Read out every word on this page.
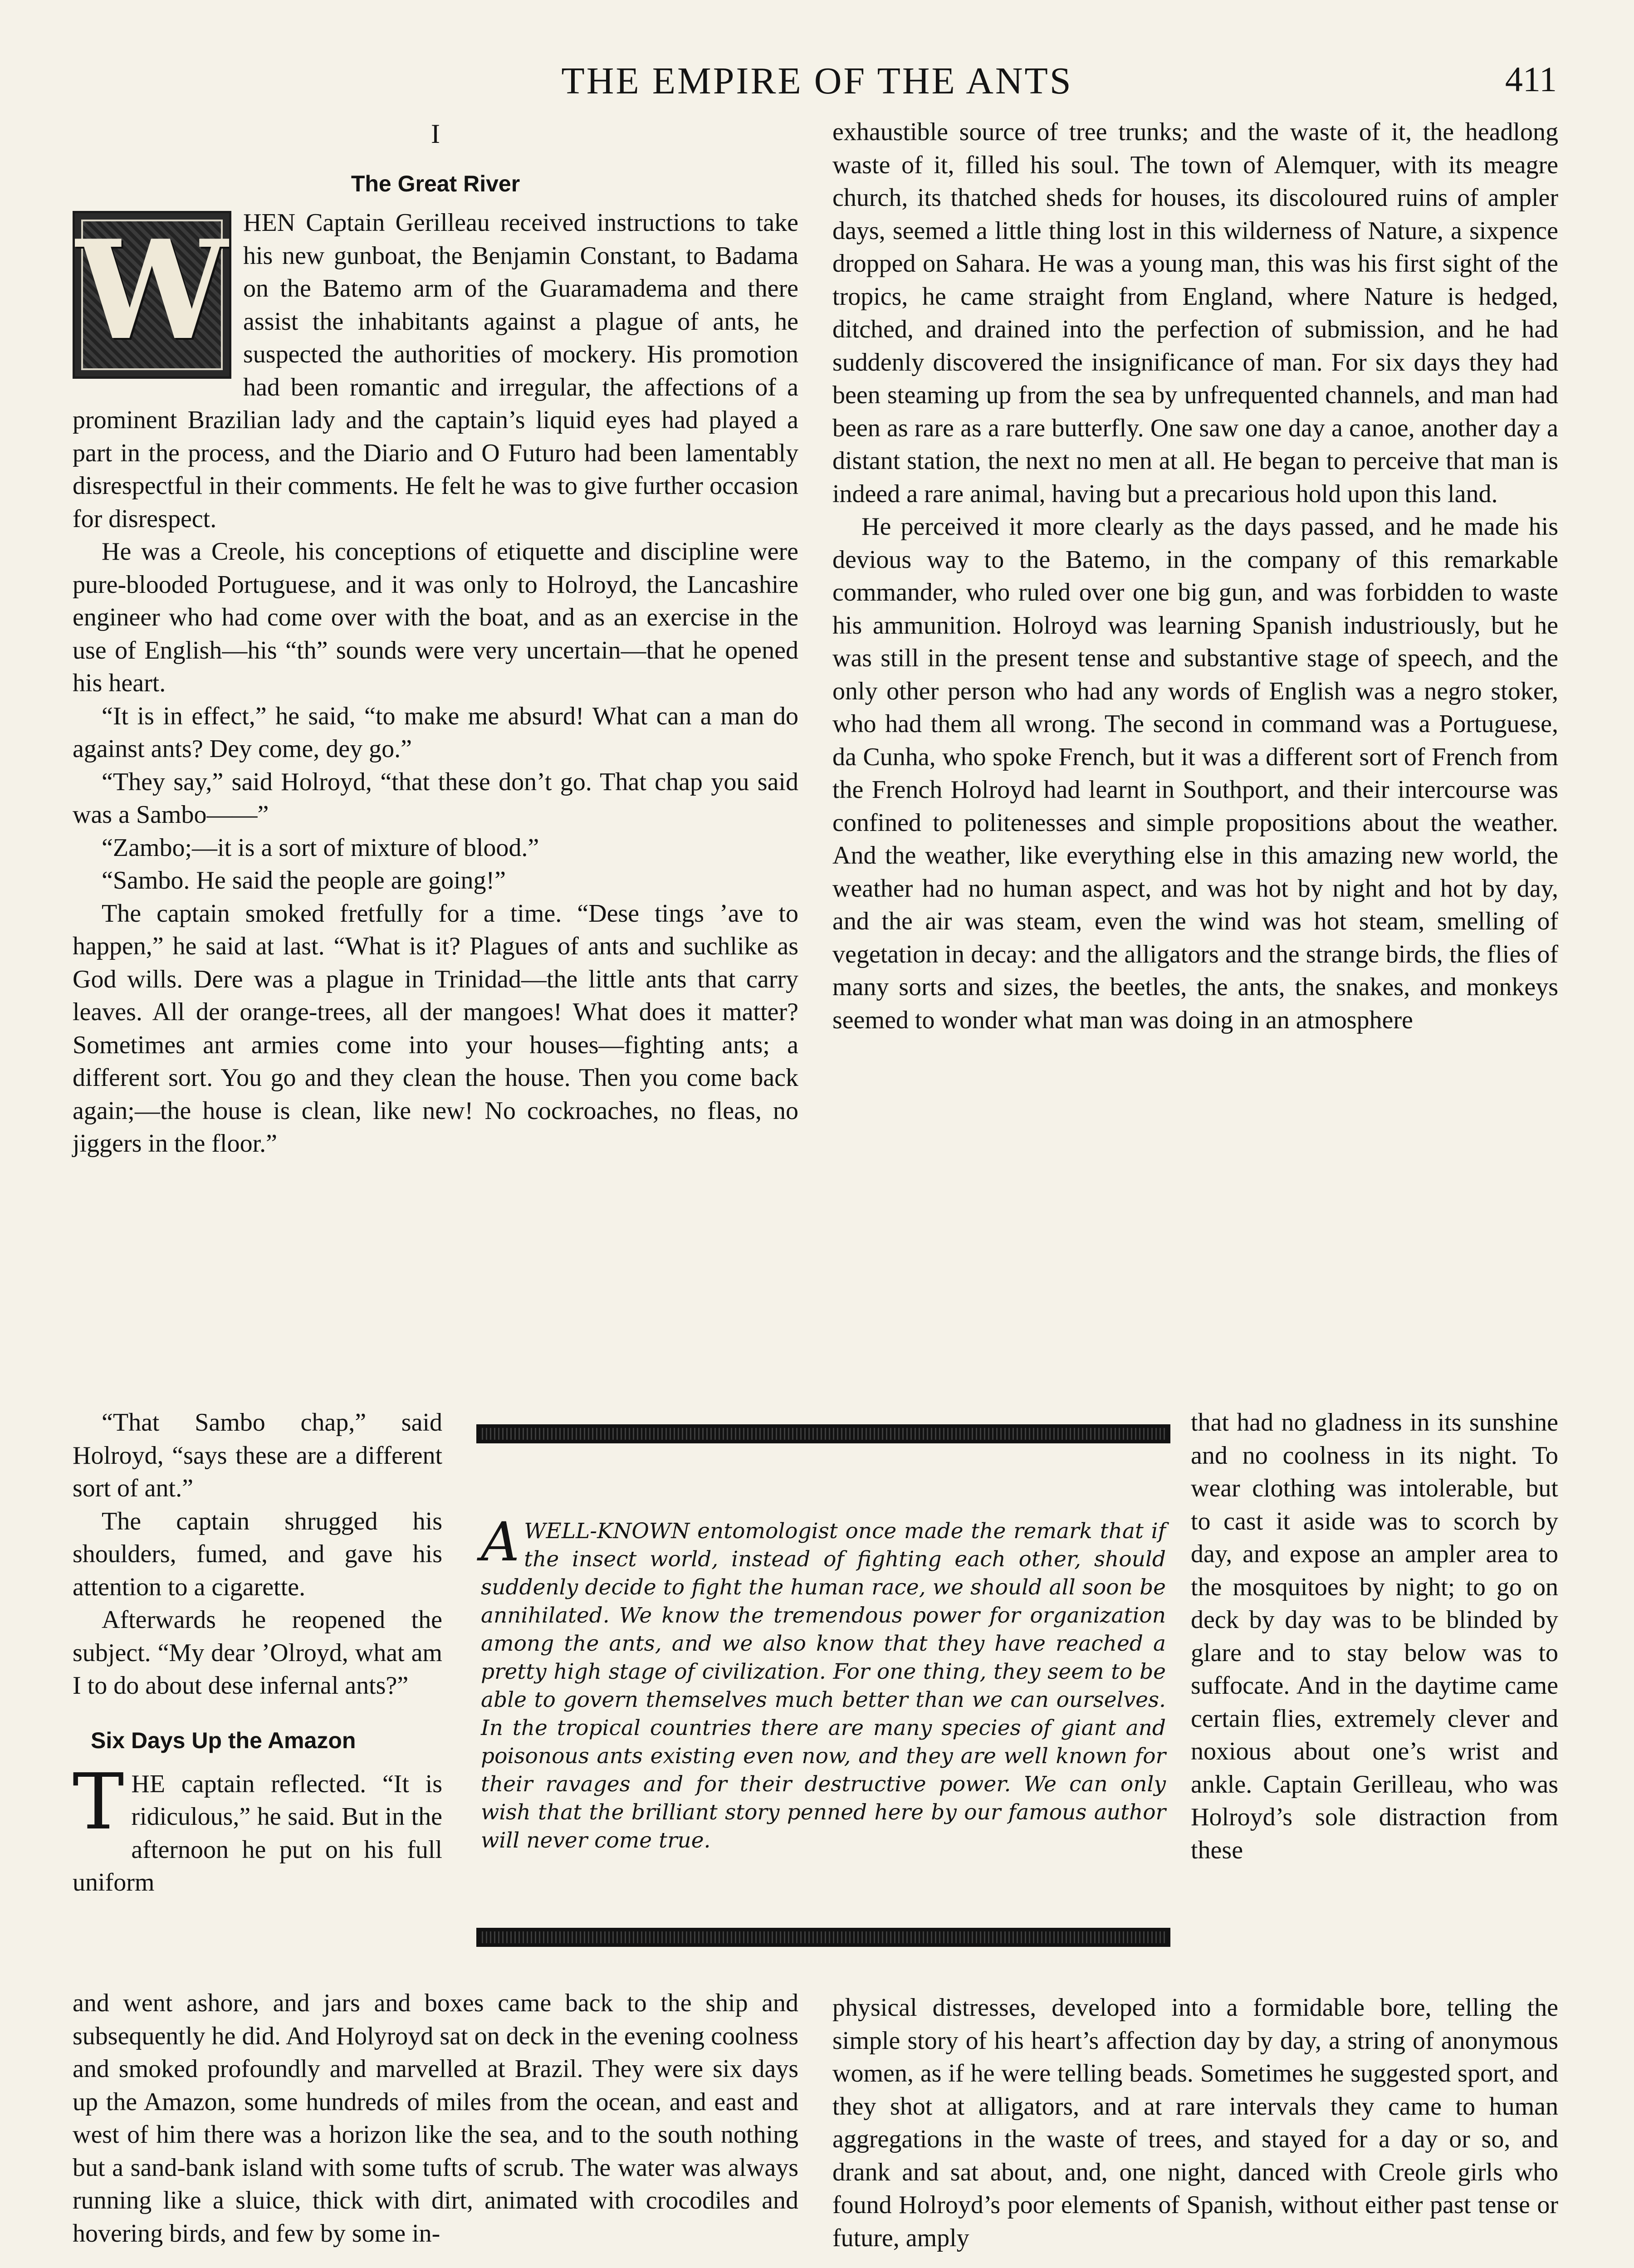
THE EMPIRE OF THE ANTS	411
I
The Great River
W HEN Captain Gerilleau received instructions to take his new gunboat, the Benjamin Constant, to Badama on the Batemo arm of the Guaramadema and there assist the inhabitants against a plague of ants, he suspected the authorities of mockery. His promotion had been romantic and irregular, the affections of a prominent Brazilian lady and the captain’s liquid eyes had played a part in the process, and the Diario and O Futuro had been lamentably disrespectful in their comments. He felt he was to give further occasion for disrespect.

He was a Creole, his conceptions of etiquette and discipline were pure-blooded Portuguese, and it was only to Holroyd, the Lancashire engineer who had come over with the boat, and as an exercise in the use of English—his “th” sounds were very uncertain—that he opened his heart.

“It is in effect,” he said, “to make me absurd! What can a man do against ants? Dey come, dey go.”

“They say,” said Holroyd, “that these don’t go. That chap you said was a Sambo——”

“Zambo;—it is a sort of mixture of blood.”

“Sambo. He said the people are going!”

The captain smoked fretfully for a time. “Dese tings ’ave to happen,” he said at last. “What is it? Plagues of ants and suchlike as God wills. Dere was a plague in Trinidad—the little ants that carry leaves. All der orange-trees, all der mangoes! What does it matter? Sometimes ant armies come into your houses—fighting ants; a different sort. You go and they clean the house. Then you come back again;—the house is clean, like new! No cockroaches, no fleas, no jiggers in the floor.”

“That Sambo chap,” said Holroyd, “says these are a different sort of ant.”

The captain shrugged his shoulders, fumed, and gave his attention to a cigarette.

Afterwards he reopened the subject. “My dear ’Olroyd, what am I to do about dese infernal ants?”

Six Days Up the Amazon
T HE captain reflected. “It is ridiculous,” he said. But in the afternoon he put on his full uniform

and went ashore, and jars and boxes came back to the ship and subsequently he did. And Holyroyd sat on deck in the evening coolness and smoked profoundly and marvelled at Brazil. They were six days up the Amazon, some hundreds of miles from the ocean, and east and west of him there was a horizon like the sea, and to the south nothing but a sand-bank island with some tufts of scrub. The water was always running like a sluice, thick with dirt, animated with crocodiles and hovering birds, and few by some in-

exhaustible source of tree trunks; and the waste of it, the headlong waste of it, filled his soul. The town of Alemquer, with its meagre church, its thatched sheds for houses, its discoloured ruins of ampler days, seemed a little thing lost in this wilderness of Nature, a sixpence dropped on Sahara. He was a young man, this was his first sight of the tropics, he came straight from England, where Nature is hedged, ditched, and drained into the perfection of submission, and he had suddenly discovered the insignificance of man. For six days they had been steaming up from the sea by unfrequented channels, and man had been as rare as a rare butterfly. One saw one day a canoe, another day a distant station, the next no men at all. He began to perceive that man is indeed a rare animal, having but a precarious hold upon this land.

He perceived it more clearly as the days passed, and he made his devious way to the Batemo, in the company of this remarkable commander, who ruled over one big gun, and was forbidden to waste his ammunition. Holroyd was learning Spanish industriously, but he was still in the present tense and substantive stage of speech, and the only other person who had any words of English was a negro stoker, who had them all wrong. The second in command was a Portuguese, da Cunha, who spoke French, but it was a different sort of French from the French Holroyd had learnt in Southport, and their intercourse was confined to politenesses and simple propositions about the weather. And the weather, like everything else in this amazing new world, the weather had no human aspect, and was hot by night and hot by day, and the air was steam, even the wind was hot steam, smelling of vegetation in decay: and the alligators and the strange birds, the flies of many sorts and sizes, the beetles, the ants, the snakes, and monkeys seemed to wonder what man was doing in an atmosphere

that had no gladness in its sunshine and no coolness in its night. To wear clothing was intolerable, but to cast it aside was to scorch by day, and expose an ampler area to the mosquitoes by night; to go on deck by day was to be blinded by glare and to stay below was to suffocate. And in the daytime came certain flies, extremely clever and noxious about one’s wrist and ankle. Captain Gerilleau, who was Holroyd’s sole distraction from these

physical distresses, developed into a formidable bore, telling the simple story of his heart’s affection day by day, a string of anonymous women, as if he were telling beads. Sometimes he suggested sport, and they shot at alligators, and at rare intervals they came to human aggregations in the waste of trees, and stayed for a day or so, and drank and sat about, and, one night, danced with Creole girls who found Holroyd’s poor elements of Spanish, without either past tense or future, amply

A WELL-KNOWN entomologist once made the remark that if the insect world, instead of fighting each other, should suddenly decide to fight the human race, we should all soon be annihilated. We know the tremendous power for organization among the ants, and we also know that they have reached a pretty high stage of civilization. For one thing, they seem to be able to govern themselves much better than we can ourselves. In the tropical countries there are many species of giant and poisonous ants existing even now, and they are well known for their ravages and for their destructive power. We can only wish that the brilliant story penned here by our famous author will never come true.
